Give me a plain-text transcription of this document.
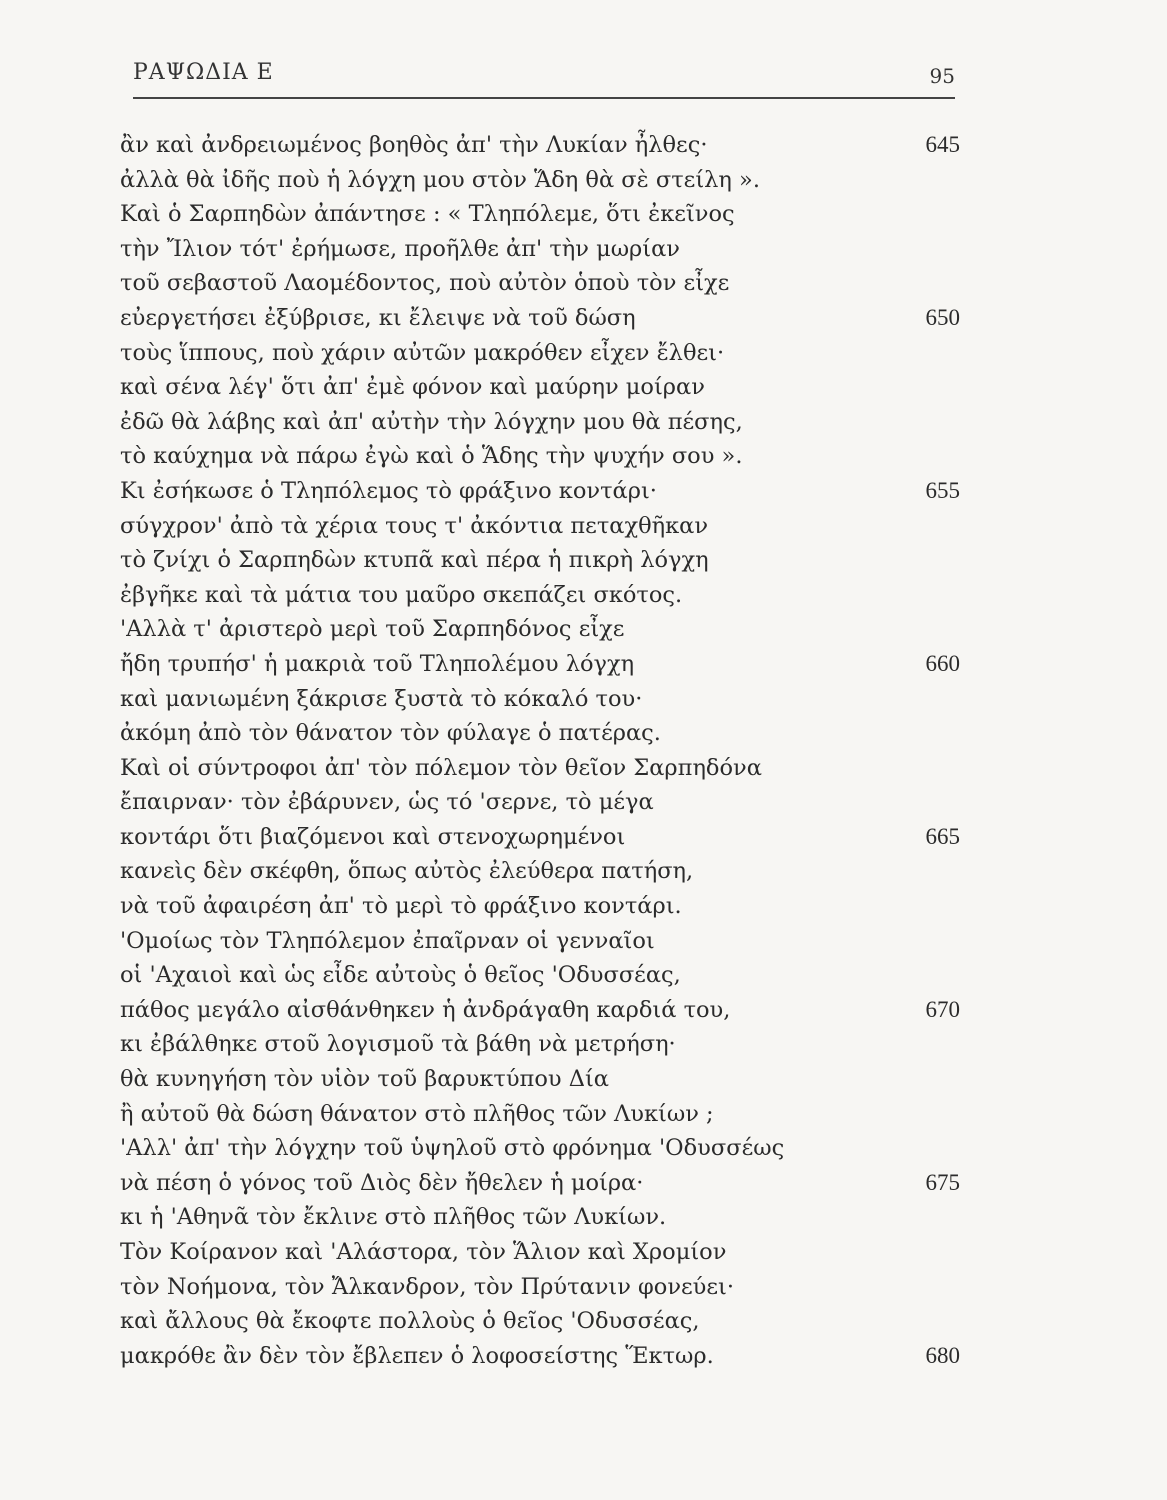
ΡΑΨΩΔΙΑ Ε	95
ἂν καὶ ἀνδρειωμένος βοηθὸς ἀπ' τὴν Λυκίαν ἦλθες·	645
ἀλλὰ θὰ ἰδῆς ποὺ ἡ λόγχη μου στὸν Ἅδη θὰ σὲ στείλη ».
Καὶ ὁ Σαρπηδὼν ἀπάντησε : « Τληπόλεμε, ὅτι ἐκεῖνος
τὴν Ἴλιον τότ' ἐρήμωσε, προῆλθε ἀπ' τὴν μωρίαν
τοῦ σεβαστοῦ Λαομέδοντος, ποὺ αὐτὸν ὁποὺ τὸν εἶχε
εὐεργετήσει ἐξύβρισε, κι ἔλειψε νὰ τοῦ δώση	650
τοὺς ἵππους, ποὺ χάριν αὐτῶν μακρόθεν εἶχεν ἔλθει·
καὶ σένα λέγ' ὅτι ἀπ' ἐμὲ φόνον καὶ μαύρην μοίραν
ἐδῶ θὰ λάβης καὶ ἀπ' αὐτὴν τὴν λόγχην μου θὰ πέσης,
τὸ καύχημα νὰ πάρω ἐγὼ καὶ ὁ Ἅδης τὴν ψυχήν σου ».
Κι ἐσήκωσε ὁ Τληπόλεμος τὸ φράξινο κοντάρι·	655
σύγχρον' ἀπὸ τὰ χέρια τους τ' ἀκόντια πεταχθῆκαν
τὸ ζνίχι ὁ Σαρπηδὼν κτυπᾶ καὶ πέρα ἡ πικρὴ λόγχη
ἐβγῆκε καὶ τὰ μάτια του μαῦρο σκεπάζει σκότος.
'Αλλὰ τ' ἀριστερὸ μερὶ τοῦ Σαρπηδόνος εἶχε
ἤδη τρυπήσ' ἡ μακριὰ τοῦ Τληπολέμου λόγχη	660
καὶ μανιωμένη ξάκρισε ξυστὰ τὸ κόκαλό του·
ἀκόμη ἀπὸ τὸν θάνατον τὸν φύλαγε ὁ πατέρας.
Καὶ οἱ σύντροφοι ἀπ' τὸν πόλεμον τὸν θεῖον Σαρπηδόνα
ἔπαιρναν· τὸν ἐβάρυνεν, ὡς τό 'σερνε, τὸ μέγα
κοντάρι ὅτι βιαζόμενοι καὶ στενοχωρημένοι	665
κανεὶς δὲν σκέφθη, ὅπως αὐτὸς ἐλεύθερα πατήση,
νὰ τοῦ ἀφαιρέση ἀπ' τὸ μερὶ τὸ φράξινο κοντάρι.
'Ομοίως τὸν Τληπόλεμον ἐπαῖρναν οἱ γενναῖοι
οἱ 'Αχαιοὶ καὶ ὡς εἶδε αὐτοὺς ὁ θεῖος 'Οδυσσέας,
πάθος μεγάλο αἰσθάνθηκεν ἡ ἀνδράγαθη καρδιά του,	670
κι ἐβάλθηκε στοῦ λογισμοῦ τὰ βάθη νὰ μετρήση·
θὰ κυνηγήση τὸν υἱὸν τοῦ βαρυκτύπου Δία
ἢ αὐτοῦ θὰ δώση θάνατον στὸ πλῆθος τῶν Λυκίων ;
'Αλλ' ἀπ' τὴν λόγχην τοῦ ὑψηλοῦ στὸ φρόνημα 'Οδυσσέως
νὰ πέση ὁ γόνος τοῦ Διὸς δὲν ἤθελεν ἡ μοίρα·	675
κι ἡ 'Αθηνᾶ τὸν ἔκλινε στὸ πλῆθος τῶν Λυκίων.
Τὸν Κοίρανον καὶ 'Αλάστορα, τὸν Ἅλιον καὶ Χρομίον
τὸν Νοήμονα, τὸν Ἄλκανδρον, τὸν Πρύτανιν φονεύει·
καὶ ἄλλους θὰ ἔκοφτε πολλοὺς ὁ θεῖος 'Οδυσσέας,
μακρόθε ἂν δὲν τὸν ἔβλεπεν ὁ λοφοσείστης Ἕκτωρ.	680
